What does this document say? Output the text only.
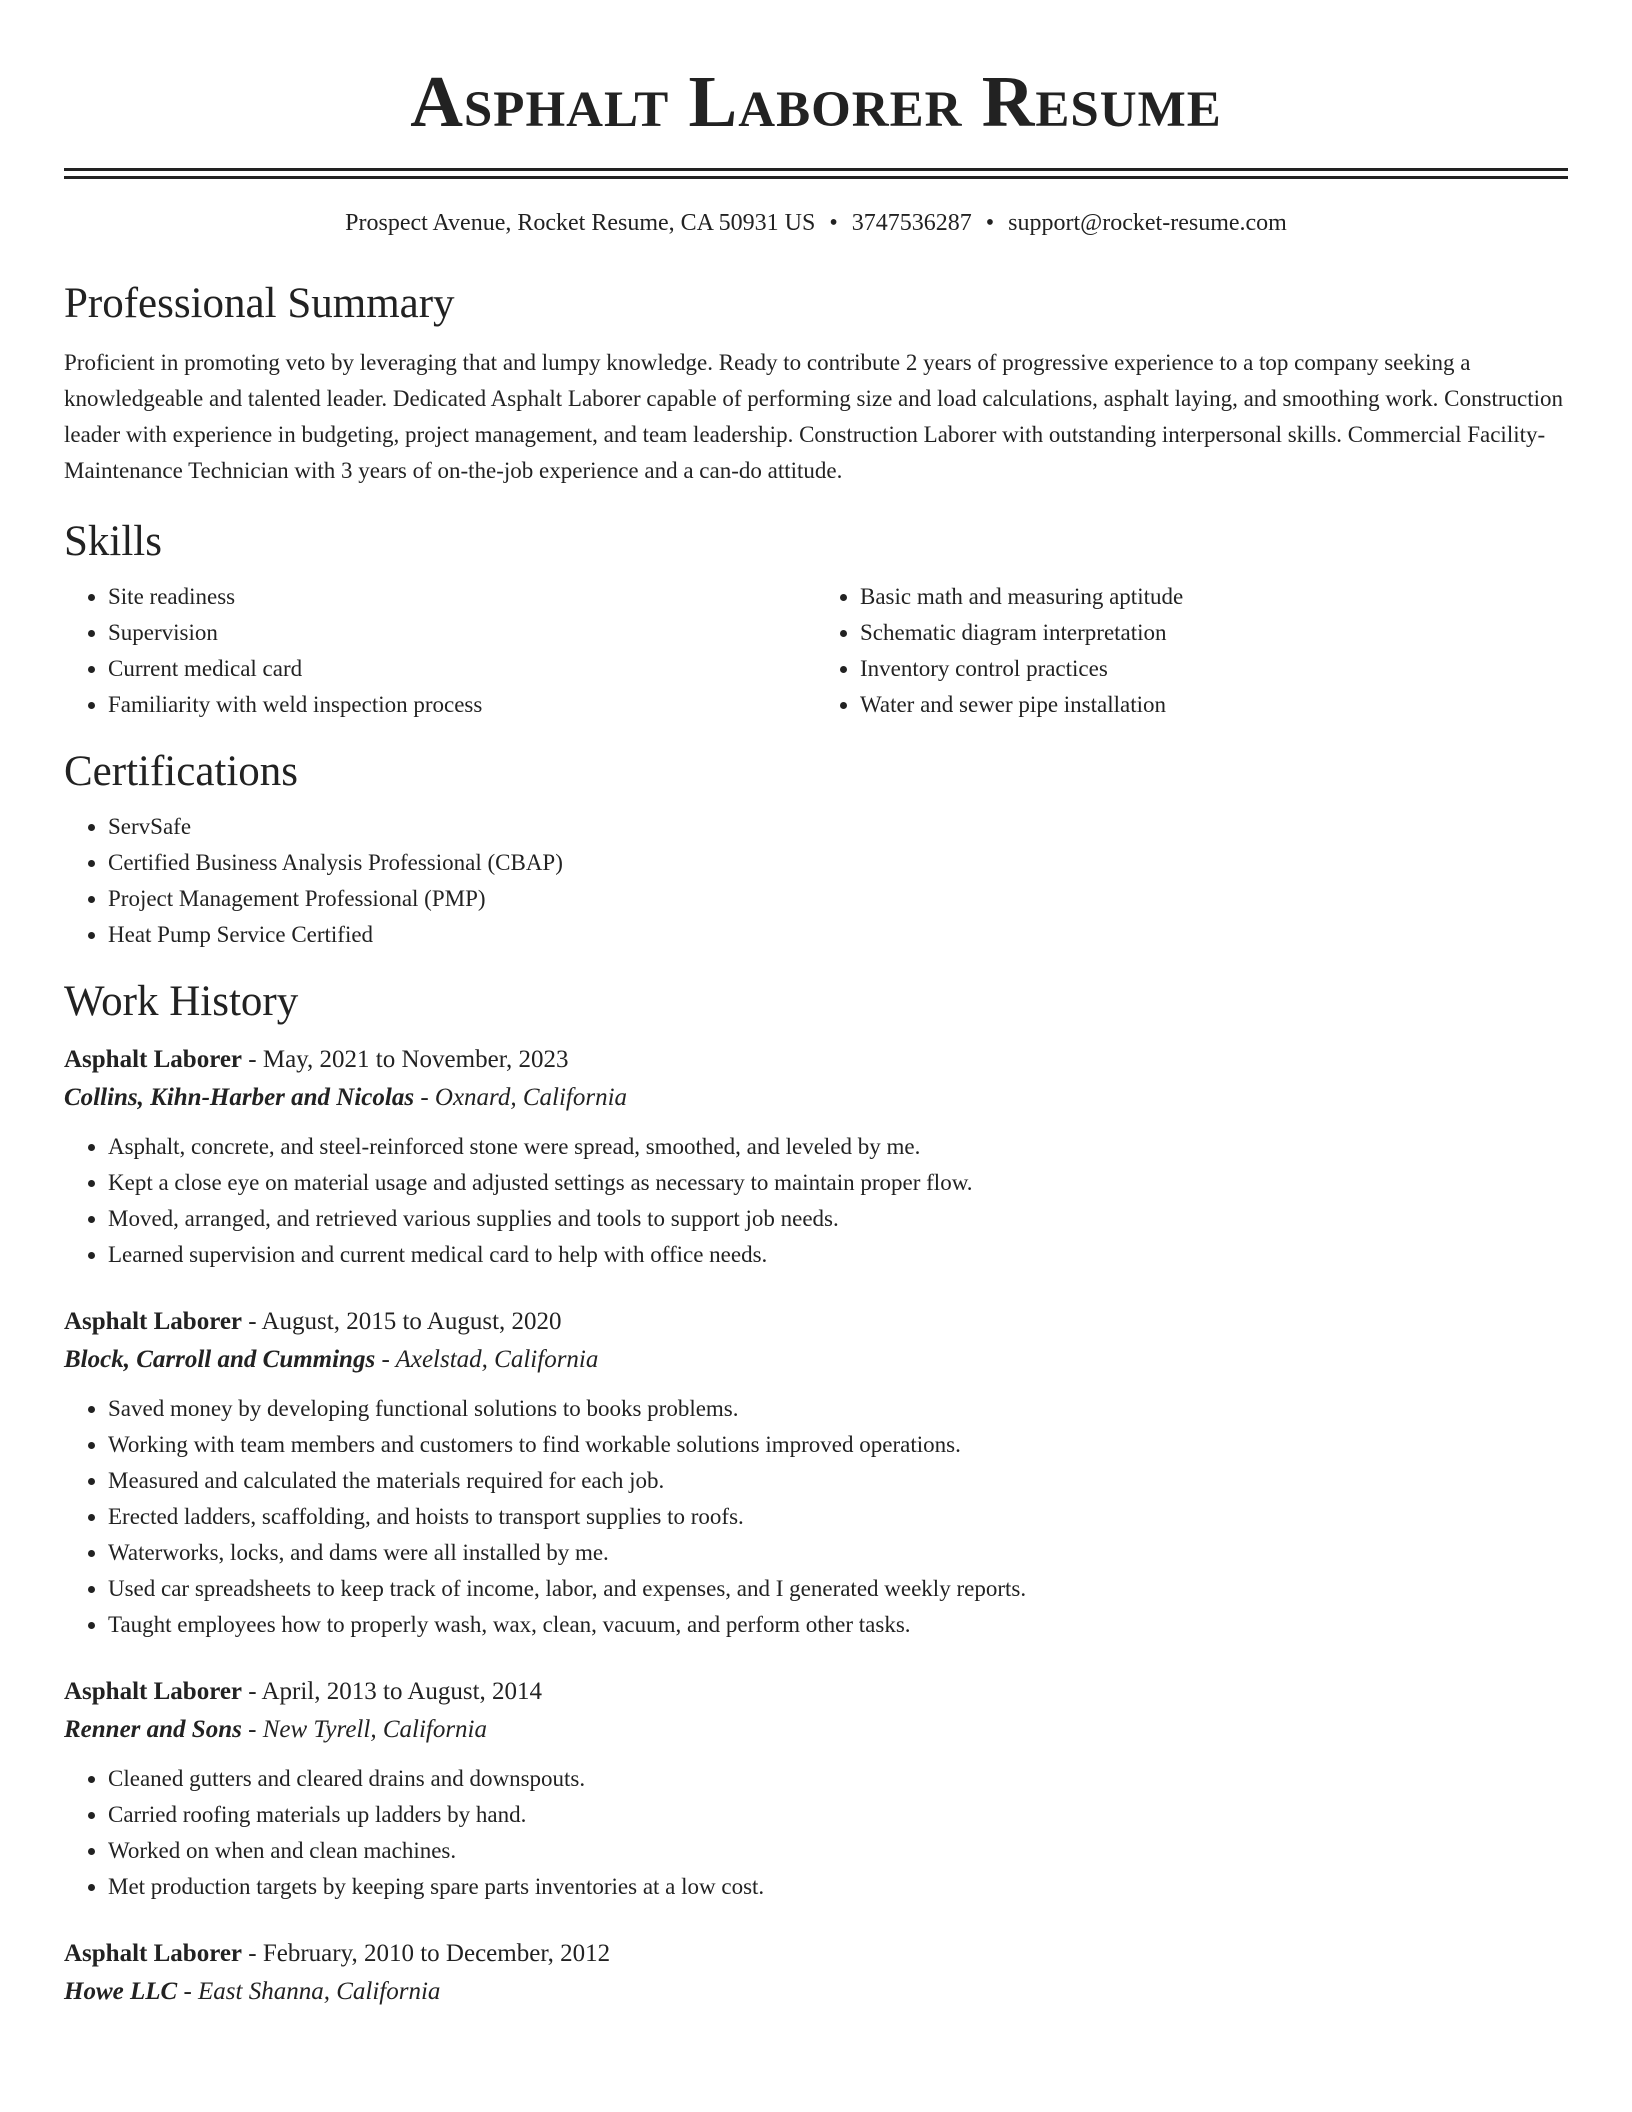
Asphalt Laborer Resume
Prospect Avenue, Rocket Resume, CA 50931 US • 3747536287 • support@rocket-resume.com
Professional Summary

Proficient in promoting veto by leveraging that and lumpy knowledge. Ready to contribute 2 years of progressive experience to a top company seeking a knowledgeable and talented leader. Dedicated Asphalt Laborer capable of performing size and load calculations, asphalt laying, and smoothing work. Construction leader with experience in budgeting, project management, and team leadership. Construction Laborer with outstanding interpersonal skills. Commercial Facility-Maintenance Technician with 3 years of on-the-job experience and a can-do attitude.

Skills
• Site readiness
• Supervision
• Current medical card
• Familiarity with weld inspection process
• Basic math and measuring aptitude
• Schematic diagram interpretation
• Inventory control practices
• Water and sewer pipe installation
Certifications
• ServSafe
• Certified Business Analysis Professional (CBAP)
• Project Management Professional (PMP)
• Heat Pump Service Certified
Work History
Asphalt Laborer - May, 2021 to November, 2023
Collins, Kihn-Harber and Nicolas - Oxnard, California
• Asphalt, concrete, and steel-reinforced stone were spread, smoothed, and leveled by me.
• Kept a close eye on material usage and adjusted settings as necessary to maintain proper flow.
• Moved, arranged, and retrieved various supplies and tools to support job needs.
• Learned supervision and current medical card to help with office needs.
Asphalt Laborer - August, 2015 to August, 2020
Block, Carroll and Cummings - Axelstad, California
• Saved money by developing functional solutions to books problems.
• Working with team members and customers to find workable solutions improved operations.
• Measured and calculated the materials required for each job.
• Erected ladders, scaffolding, and hoists to transport supplies to roofs.
• Waterworks, locks, and dams were all installed by me.
• Used car spreadsheets to keep track of income, labor, and expenses, and I generated weekly reports.
• Taught employees how to properly wash, wax, clean, vacuum, and perform other tasks.
Asphalt Laborer - April, 2013 to August, 2014
Renner and Sons - New Tyrell, California
• Cleaned gutters and cleared drains and downspouts.
• Carried roofing materials up ladders by hand.
• Worked on when and clean machines.
• Met production targets by keeping spare parts inventories at a low cost.
Asphalt Laborer - February, 2010 to December, 2012
Howe LLC - East Shanna, California
